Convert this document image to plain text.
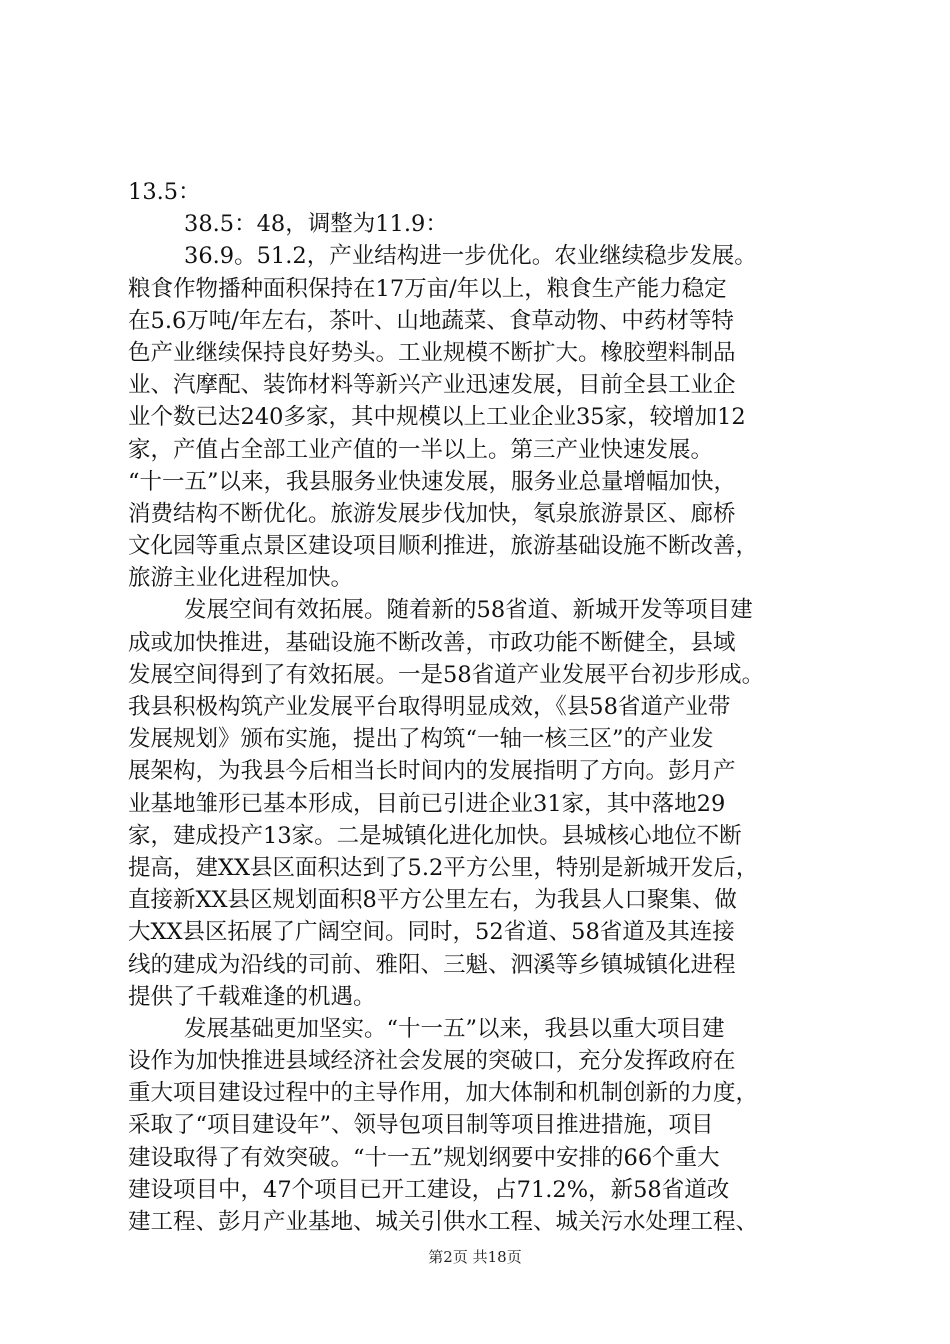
13.5：
38.5：48，调整为11.9：
36.9。51.2，产业结构进一步优化。农业继续稳步发展。
粮食作物播种面积保持在17万亩/年以上，粮食生产能力稳定
在5.6万吨/年左右，茶叶、山地蔬菜、食草动物、中药材等特
色产业继续保持良好势头。工业规模不断扩大。橡胶塑料制品
业、汽摩配、装饰材料等新兴产业迅速发展，目前全县工业企
业个数已达240多家，其中规模以上工业企业35家，较增加12
家，产值占全部工业产值的一半以上。第三产业快速发展。
“十一五”以来，我县服务业快速发展，服务业总量增幅加快，
消费结构不断优化。旅游发展步伐加快，氡泉旅游景区、廊桥
文化园等重点景区建设项目顺利推进，旅游基础设施不断改善，
旅游主业化进程加快。
发展空间有效拓展。随着新的58省道、新城开发等项目建
成或加快推进，基础设施不断改善，市政功能不断健全，县域
发展空间得到了有效拓展。一是58省道产业发展平台初步形成。
我县积极构筑产业发展平台取得明显成效，《县58省道产业带
发展规划》颁布实施，提出了构筑“一轴一核三区”的产业发
展架构，为我县今后相当长时间内的发展指明了方向。彭月产
业基地雏形已基本形成，目前已引进企业31家，其中落地29
家，建成投产13家。二是城镇化进化加快。县城核心地位不断
提高，建XX县区面积达到了5.2平方公里，特别是新城开发后，
直接新XX县区规划面积8平方公里左右，为我县人口聚集、做
大XX县区拓展了广阔空间。同时，52省道、58省道及其连接
线的建成为沿线的司前、雅阳、三魁、泗溪等乡镇城镇化进程
提供了千载难逢的机遇。
发展基础更加坚实。“十一五”以来，我县以重大项目建
设作为加快推进县域经济社会发展的突破口，充分发挥政府在
重大项目建设过程中的主导作用，加大体制和机制创新的力度，
采取了“项目建设年”、领导包项目制等项目推进措施，项目
建设取得了有效突破。“十一五”规划纲要中安排的66个重大
建设项目中，47个项目已开工建设，占71.2%，新58省道改
建工程、彭月产业基地、城关引供水工程、城关污水处理工程、
第2页 共18页
